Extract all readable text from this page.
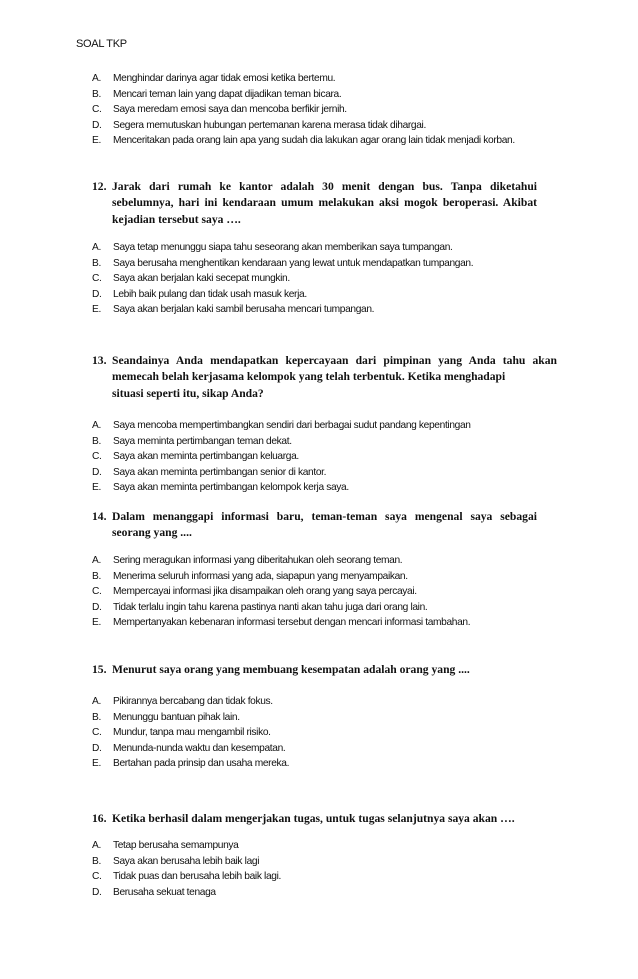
SOAL TKP
A. Menghindar darinya agar tidak emosi ketika bertemu.
B. Mencari teman lain yang dapat dijadikan teman bicara.
C. Saya meredam emosi saya dan mencoba berfikir jernih.
D. Segera memutuskan hubungan pertemanan karena merasa tidak dihargai.
E. Menceritakan pada orang lain apa yang sudah dia lakukan agar orang lain tidak menjadi korban.
12. Jarak dari rumah ke kantor adalah 30 menit dengan bus. Tanpa diketahui
sebelumnya, hari ini kendaraan umum melakukan aksi mogok beroperasi. Akibat
kejadian tersebut saya ….
A. Saya tetap menunggu siapa tahu seseorang akan memberikan saya tumpangan.
B. Saya berusaha menghentikan kendaraan yang lewat untuk mendapatkan tumpangan.
C. Saya akan berjalan kaki secepat mungkin.
D. Lebih baik pulang dan tidak usah masuk kerja.
E. Saya akan berjalan kaki sambil berusaha mencari tumpangan.
13. Seandainya Anda mendapatkan kepercayaan dari pimpinan yang Anda tahu akan
memecah belah kerjasama kelompok yang telah terbentuk. Ketika menghadapi
situasi seperti itu, sikap Anda?
A. Saya mencoba mempertimbangkan sendiri dari berbagai sudut pandang kepentingan
B. Saya meminta pertimbangan teman dekat.
C. Saya akan meminta pertimbangan keluarga.
D. Saya akan meminta pertimbangan senior di kantor.
E. Saya akan meminta pertimbangan kelompok kerja saya.
14. Dalam menanggapi informasi baru, teman-teman saya mengenal saya sebagai
seorang yang ....
A. Sering meragukan informasi yang diberitahukan oleh seorang teman.
B. Menerima seluruh informasi yang ada, siapapun yang menyampaikan.
C. Mempercayai informasi jika disampaikan oleh orang yang saya percayai.
D. Tidak terlalu ingin tahu karena pastinya nanti akan tahu juga dari orang lain.
E. Mempertanyakan kebenaran informasi tersebut dengan mencari informasi tambahan.
15. Menurut saya orang yang membuang kesempatan adalah orang yang ....
A. Pikirannya bercabang dan tidak fokus.
B. Menunggu bantuan pihak lain.
C. Mundur, tanpa mau mengambil risiko.
D. Menunda-nunda waktu dan kesempatan.
E. Bertahan pada prinsip dan usaha mereka.
16. Ketika berhasil dalam mengerjakan tugas, untuk tugas selanjutnya saya akan ….
A. Tetap berusaha semampunya
B. Saya akan berusaha lebih baik lagi
C. Tidak puas dan berusaha lebih baik lagi.
D. Berusaha sekuat tenaga
